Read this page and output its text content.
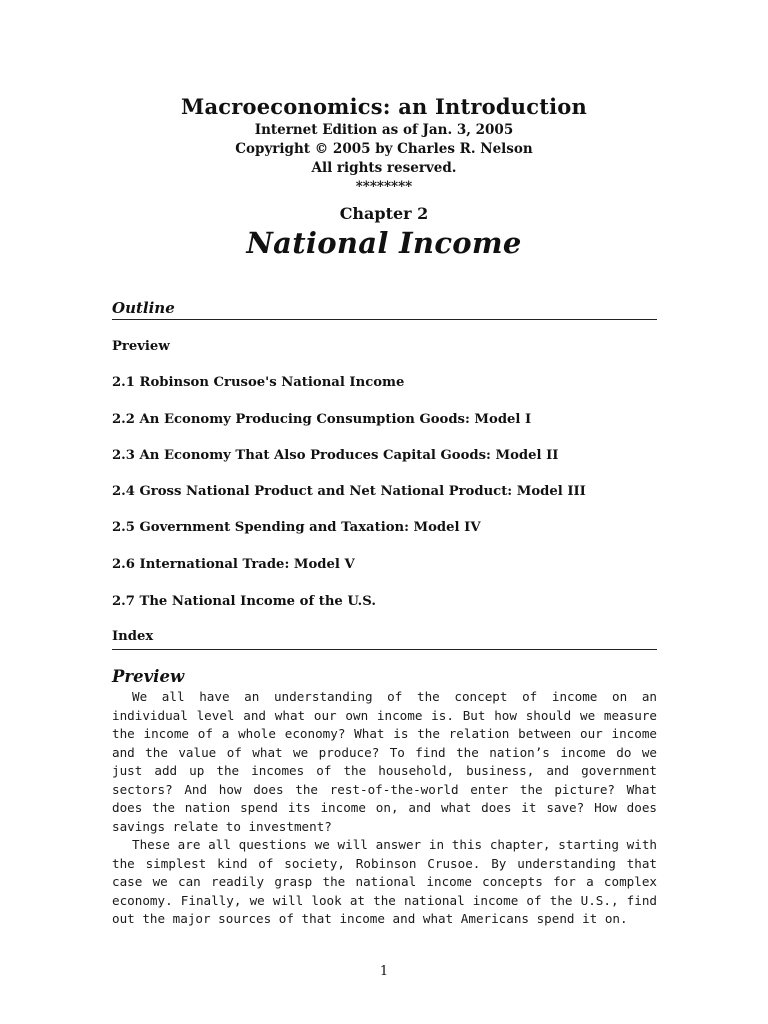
Macroeconomics: an Introduction
Internet Edition as of Jan. 3, 2005
Copyright © 2005 by Charles R. Nelson
All rights reserved.
********
Chapter 2
National Income
Outline
Preview
2.1 Robinson Crusoe's National Income
2.2 An Economy Producing Consumption Goods: Model I
2.3 An Economy That Also Produces Capital Goods: Model II
2.4 Gross National Product and Net National Product: Model III
2.5 Government Spending and Taxation: Model IV
2.6 International Trade: Model V
2.7 The National Income of the U.S.
Index
Preview

We all have an understanding of the concept of income on an individual level and what our own income is. But how should we measure the income of a whole economy? What is the relation between our income and the value of what we produce? To find the nation’s income do we just add up the incomes of the household, business, and government sectors? And how does the rest-of-the-world enter the picture? What does the nation spend its income on, and what does it save? How does savings relate to investment?

These are all questions we will answer in this chapter, starting with the simplest kind of society, Robinson Crusoe. By understanding that case we can readily grasp the national income concepts for a complex economy. Finally, we will look at the national income of the U.S., find out the major sources of that income and what Americans spend it on.

1
